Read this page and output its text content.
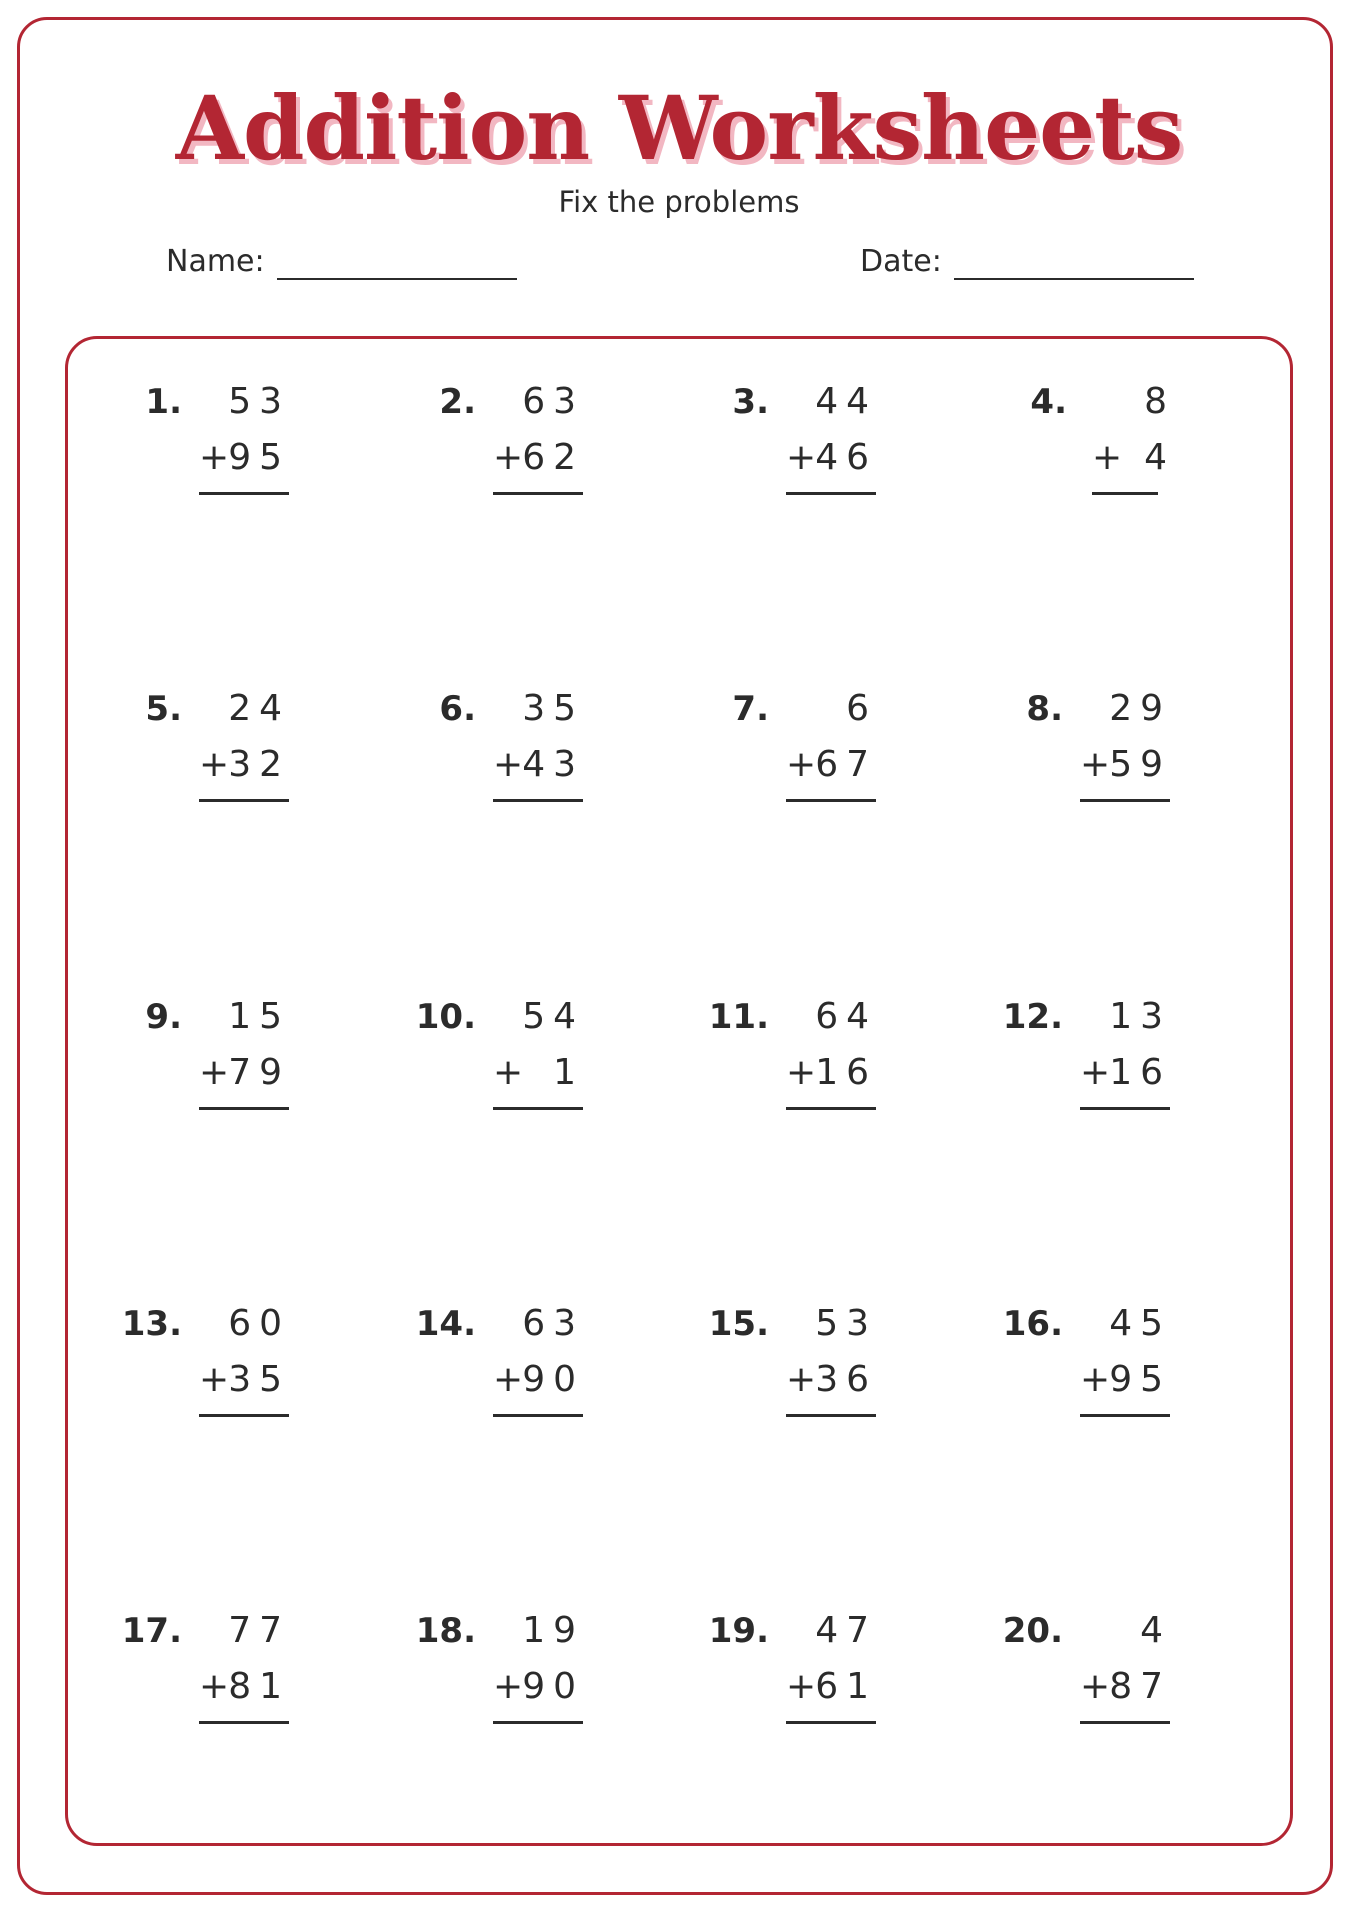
Addition Worksheets
Fix the problems
Name:	Date:
1.	53
+ 95
2.	63
+ 62
3.	44
+ 46
4.	8
+ 4
5.	24
+ 32
6.	35
+ 43
7.	6
+ 67
8.	29
+ 59
9.	15
+ 79
10.	54
+ 1
11.	64
+ 16
12.	13
+ 16
13.	60
+ 35
14.	63
+ 90
15.	53
+ 36
16.	45
+ 95
17.	77
+ 81
18.	19
+ 90
19.	47
+ 61
20.	4
+ 87
